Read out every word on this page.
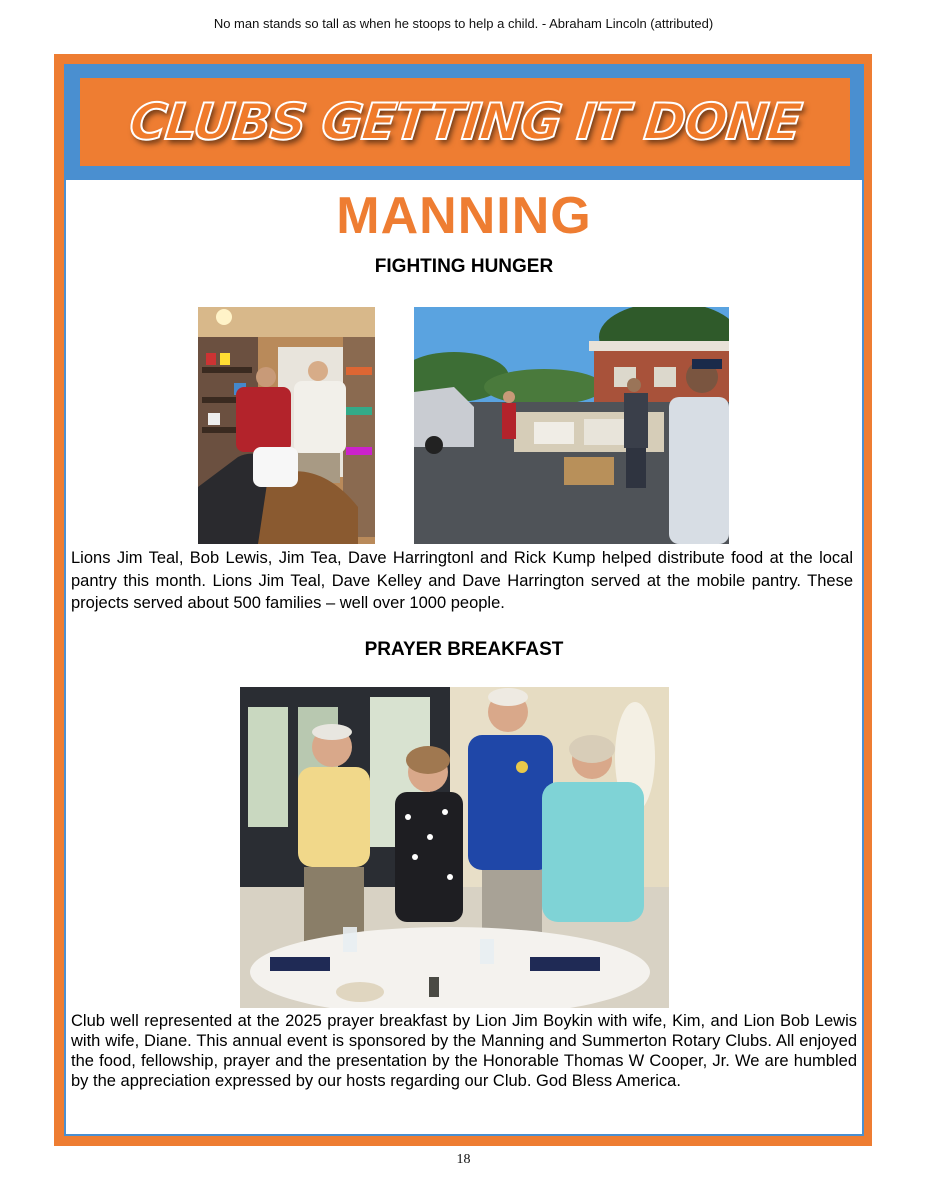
No man stands so tall as when he stoops to help a child. - Abraham Lincoln (attributed)
CLUBS GETTING IT DONE
MANNING
FIGHTING HUNGER
Lions Jim Teal, Bob Lewis, Jim Tea, Dave Harringtonl and Rick Kump helped distribute food at the local pantry this month. Lions Jim Teal, Dave Kelley and Dave Harrington served at the mobile pantry. These projects served about 500 families – well over 1000 people.
PRAYER BREAKFAST
Club well represented at the 2025 prayer breakfast by Lion Jim Boykin with wife, Kim, and Lion Bob Lewis with wife, Diane. This annual event is sponsored by the Manning and Summerton Rotary Clubs. All enjoyed the food, fellowship, prayer and the presentation by the Honorable Thomas W Cooper, Jr. We are humbled by the appreciation expressed by our hosts regarding our Club. God Bless America.
18
